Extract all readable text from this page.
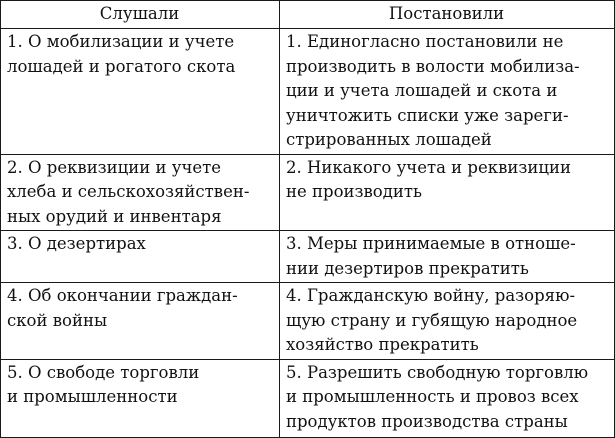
Слушали	Постановили

1. О мобилизации и учете
лошадей и рогатого скота	1. Единогласно постановили не
производить в волости мобилиза-
ции и учета лошадей и скота и
уничтожить списки уже зареги-
стрированных лошадей

2. О реквизиции и учете
хлеба и сельскохозяйствен-
ных орудий и инвентаря	2. Никакого учета и реквизиции
не производить

3. О дезертирах	3. Меры принимаемые в отноше-
нии дезертиров прекратить

4. Об окончании граждан-
ской войны	4. Гражданскую войну, разоряю-
щую страну и губящую народное
хозяйство прекратить

5. О свободе торговли
и промышленности	5. Разрешить свободную торговлю
и промышленность и провоз всех
продуктов производства страны
